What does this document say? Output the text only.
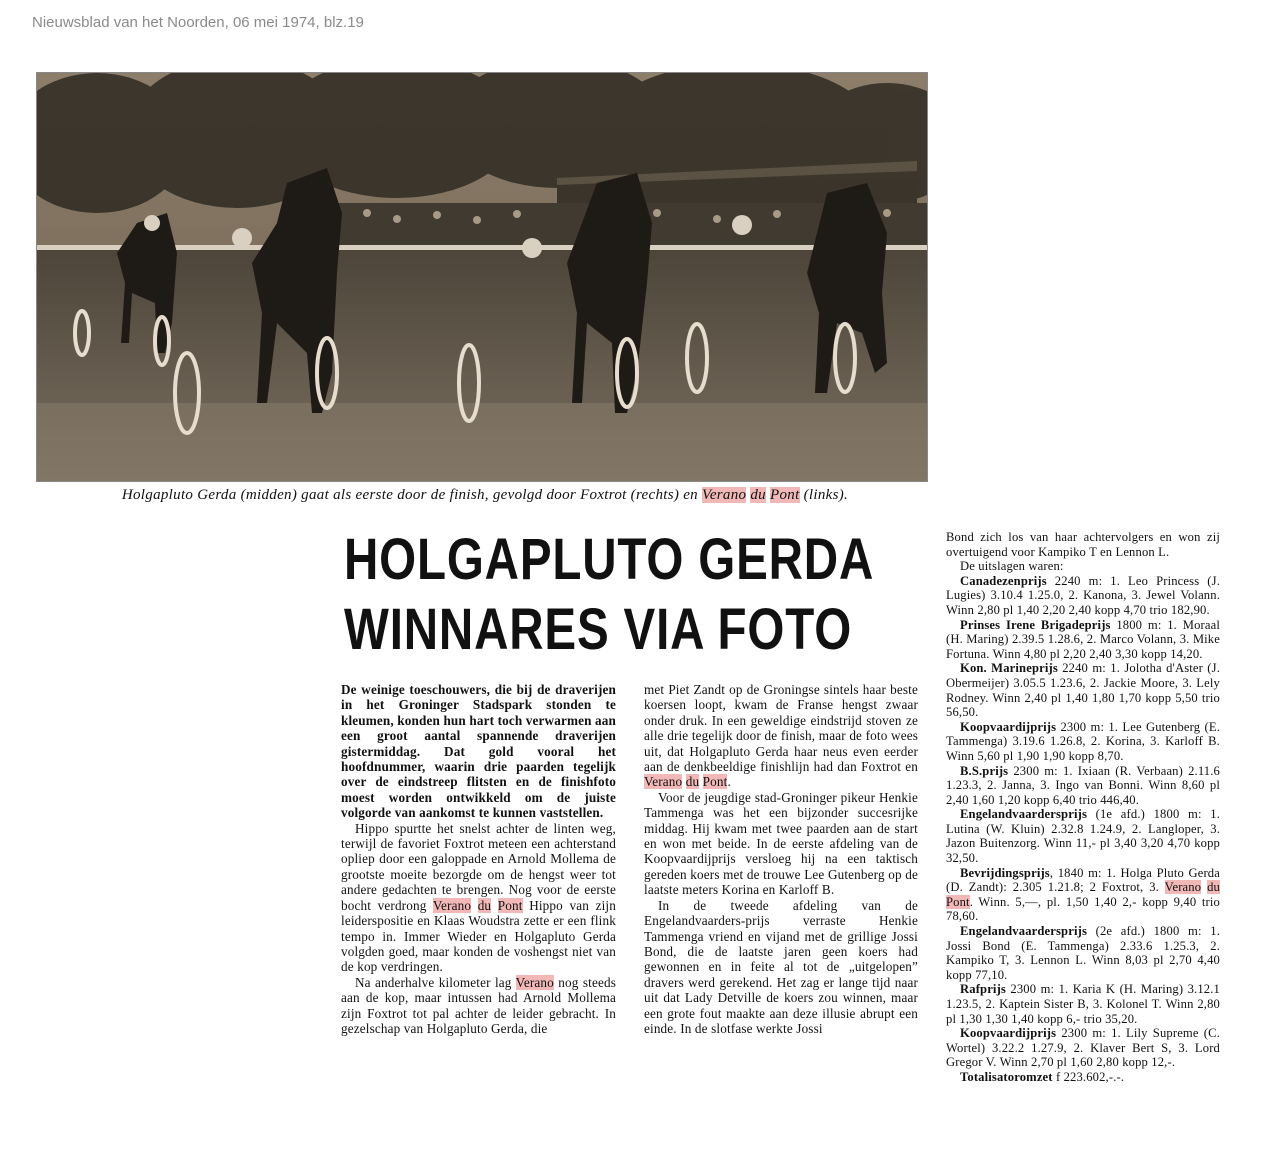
Nieuwsblad van het Noorden, 06 mei 1974, blz.19
Holgapluto Gerda (midden) gaat als eerste door de finish, gevolgd door Foxtrot (rechts) en Verano du Pont (links).
HOLGAPLUTO GERDA
WINNARES VIA FOTO

De weinige toeschouwers, die bij de draverijen in het Groninger Stadspark stonden te kleumen, konden hun hart toch verwarmen aan een groot aantal spannende draverijen gistermiddag. Dat gold vooral het hoofdnummer, waarin drie paarden tegelijk over de eindstreep flitsten en de finishfoto moest worden ontwikkeld om de juiste volgorde van aankomst te kunnen vaststellen.

Hippo spurtte het snelst achter de linten weg, terwijl de favoriet Foxtrot meteen een achterstand opliep door een galoppade en Arnold Mollema de grootste moeite bezorgde om de hengst weer tot andere gedachten te brengen. Nog voor de eerste bocht verdrong Verano du Pont Hippo van zijn leiderspositie en Klaas Woudstra zette er een flink tempo in. Immer Wieder en Holgapluto Gerda volgden goed, maar konden de voshengst niet van de kop verdringen.

Na anderhalve kilometer lag Verano nog steeds aan de kop, maar intussen had Arnold Mollema zijn Foxtrot tot pal achter de leider gebracht. In gezelschap van Holgapluto Gerda, die

met Piet Zandt op de Groningse sintels haar beste koersen loopt, kwam de Franse hengst zwaar onder druk. In een geweldige eindstrijd stoven ze alle drie tegelijk door de finish, maar de foto wees uit, dat Holgapluto Gerda haar neus even eerder aan de denkbeeldige finishlijn had dan Foxtrot en Verano du Pont.

Voor de jeugdige stad-Groninger pikeur Henkie Tammenga was het een bijzonder succesrijke middag. Hij kwam met twee paarden aan de start en won met beide. In de eerste afdeling van de Koopvaardijprijs versloeg hij na een taktisch gereden koers met de trouwe Lee Gutenberg op de laatste meters Korina en Karloff B.

In de tweede afdeling van de Engelandvaarders-prijs verraste Henkie Tammenga vriend en vijand met de grillige Jossi Bond, die de laatste jaren geen koers had gewonnen en in feite al tot de „uitgelopen” dravers werd gerekend. Het zag er lange tijd naar uit dat Lady Detville de koers zou winnen, maar een grote fout maakte aan deze illusie abrupt een einde. In de slotfase werkte Jossi

Bond zich los van haar achtervolgers en won zij overtuigend voor Kampiko T en Lennon L.

De uitslagen waren:

Canadezenprijs 2240 m: 1. Leo Princess (J. Lugies) 3.10.4 1.25.0, 2. Kanona, 3. Jewel Volann. Winn 2,80 pl 1,40 2,20 2,40 kopp 4,70 trio 182,90.

Prinses Irene Brigadeprijs 1800 m: 1. Moraal (H. Maring) 2.39.5 1.28.6, 2. Marco Volann, 3. Mike Fortuna. Winn 4,80 pl 2,20 2,40 3,30 kopp 14,20.

Kon. Marineprijs 2240 m: 1. Jolotha d'Aster (J. Obermeijer) 3.05.5 1.23.6, 2. Jackie Moore, 3. Lely Rodney. Winn 2,40 pl 1,40 1,80 1,70 kopp 5,50 trio 56,50.

Koopvaardijprijs 2300 m: 1. Lee Gutenberg (E. Tammenga) 3.19.6 1.26.8, 2. Korina, 3. Karloff B. Winn 5,60 pl 1,90 1,90 kopp 8,70.

B.S.prijs 2300 m: 1. Ixiaan (R. Verbaan) 2.11.6 1.23.3, 2. Janna, 3. Ingo van Bonni. Winn 8,60 pl 2,40 1,60 1,20 kopp 6,40 trio 446,40.

Engelandvaardersprijs (1e afd.) 1800 m: 1. Lutina (W. Kluin) 2.32.8 1.24.9, 2. Langloper, 3. Jazon Buitenzorg. Winn 11,- pl 3,40 3,20 4,70 kopp 32,50.

Bevrijdingsprijs, 1840 m: 1. Holga Pluto Gerda (D. Zandt): 2.305 1.21.8; 2 Foxtrot, 3. Verano du Pont. Winn. 5,—, pl. 1,50 1,40 2,- kopp 9,40 trio 78,60.

Engelandvaardersprijs (2e afd.) 1800 m: 1. Jossi Bond (E. Tammenga) 2.33.6 1.25.3, 2. Kampiko T, 3. Lennon L. Winn 8,03 pl 2,70 4,40 kopp 77,10.

Rafprijs 2300 m: 1. Karia K (H. Maring) 3.12.1 1.23.5, 2. Kaptein Sister B, 3. Kolonel T. Winn 2,80 pl 1,30 1,30 1,40 kopp 6,- trio 35,20.

Koopvaardijprijs 2300 m: 1. Lily Supreme (C. Wortel) 3.22.2 1.27.9, 2. Klaver Bert S, 3. Lord Gregor V. Winn 2,70 pl 1,60 2,80 kopp 12,-.

Totalisatoromzet f 223.602,-.-.
